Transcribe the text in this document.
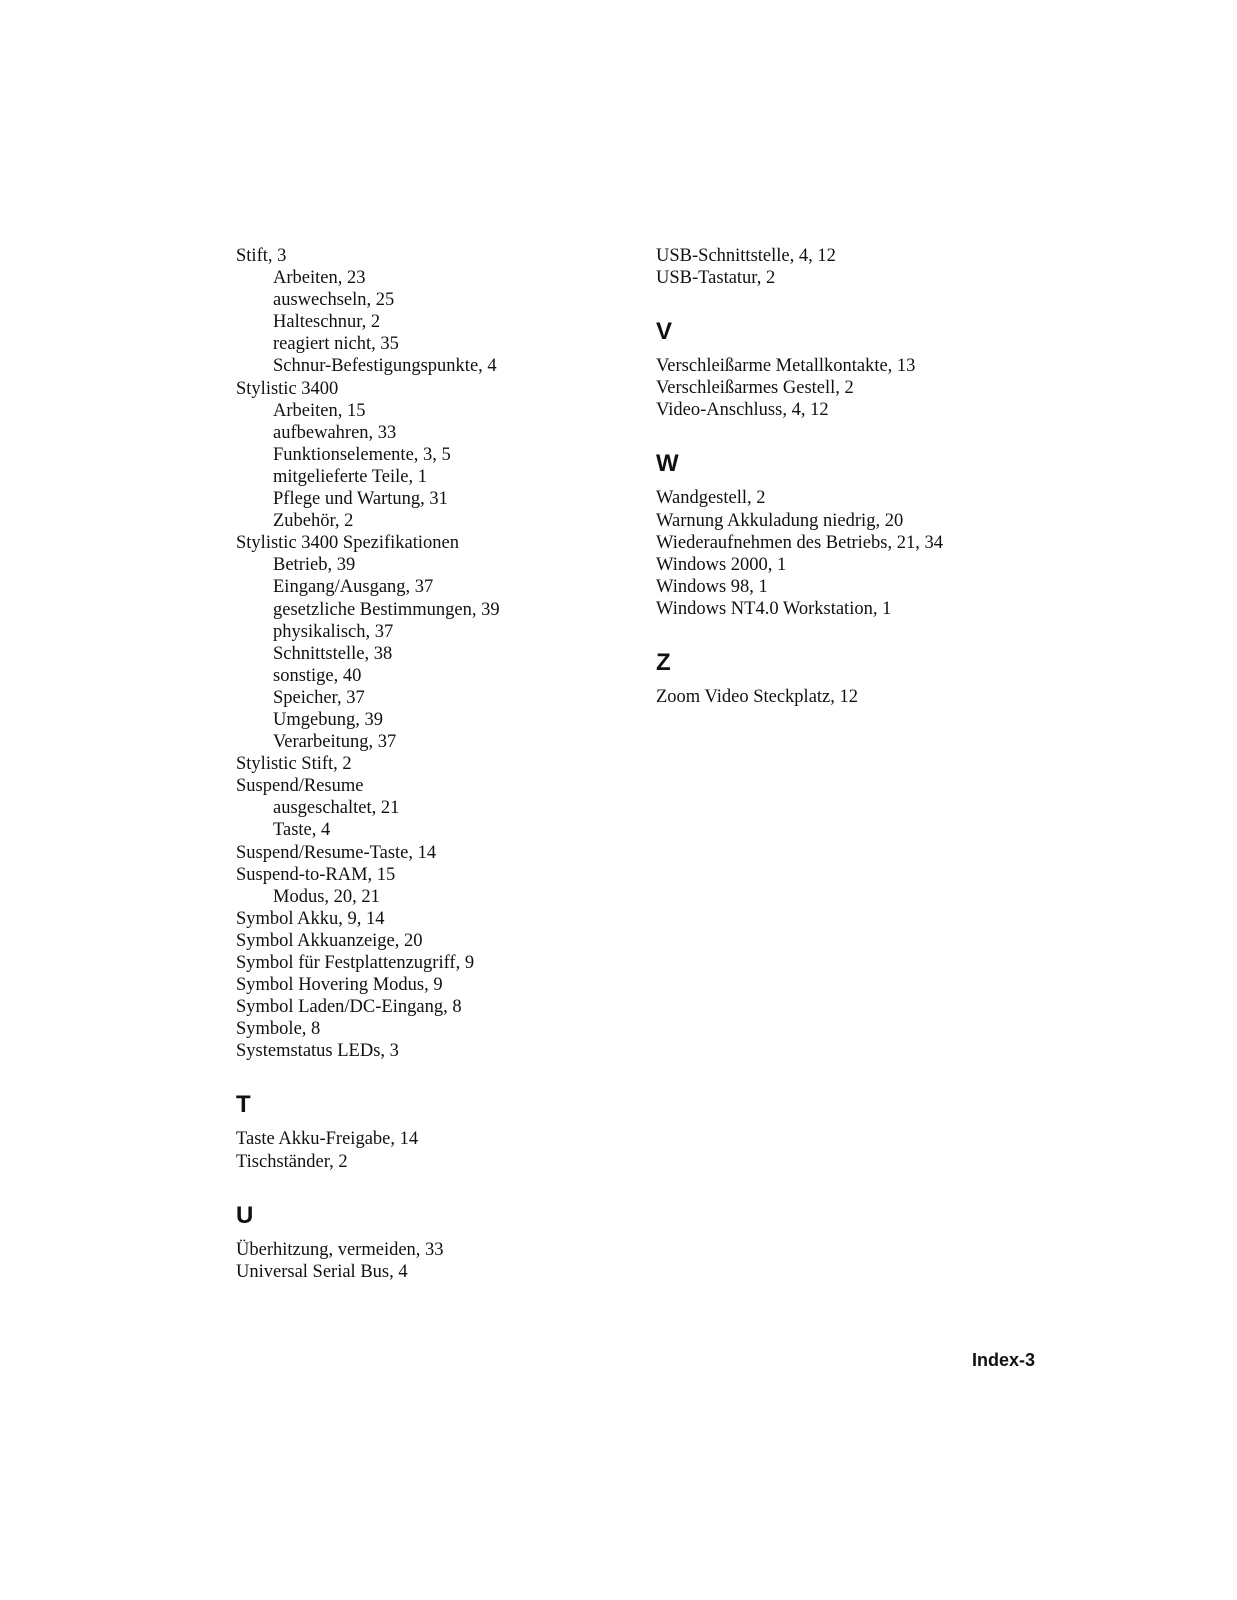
Stift, 3
Arbeiten, 23
auswechseln, 25
Halteschnur, 2
reagiert nicht, 35
Schnur-Befestigungspunkte, 4
Stylistic 3400
Arbeiten, 15
aufbewahren, 33
Funktionselemente, 3, 5
mitgelieferte Teile, 1
Pflege und Wartung, 31
Zubehör, 2
Stylistic 3400 Spezifikationen
Betrieb, 39
Eingang/Ausgang, 37
gesetzliche Bestimmungen, 39
physikalisch, 37
Schnittstelle, 38
sonstige, 40
Speicher, 37
Umgebung, 39
Verarbeitung, 37
Stylistic Stift, 2
Suspend/Resume
ausgeschaltet, 21
Taste, 4
Suspend/Resume-Taste, 14
Suspend-to-RAM, 15
Modus, 20, 21
Symbol Akku, 9, 14
Symbol Akkuanzeige, 20
Symbol für Festplattenzugriff, 9
Symbol Hovering Modus, 9
Symbol Laden/DC-Eingang, 8
Symbole, 8
Systemstatus LEDs, 3
T
Taste Akku-Freigabe, 14
Tischständer, 2
U
Überhitzung, vermeiden, 33
Universal Serial Bus, 4
USB-Schnittstelle, 4, 12
USB-Tastatur, 2
V
Verschleißarme Metallkontakte, 13
Verschleißarmes Gestell, 2
Video-Anschluss, 4, 12
W
Wandgestell, 2
Warnung Akkuladung niedrig, 20
Wiederaufnehmen des Betriebs, 21, 34
Windows 2000, 1
Windows 98, 1
Windows NT4.0 Workstation, 1
Z
Zoom Video Steckplatz, 12
Index-3
